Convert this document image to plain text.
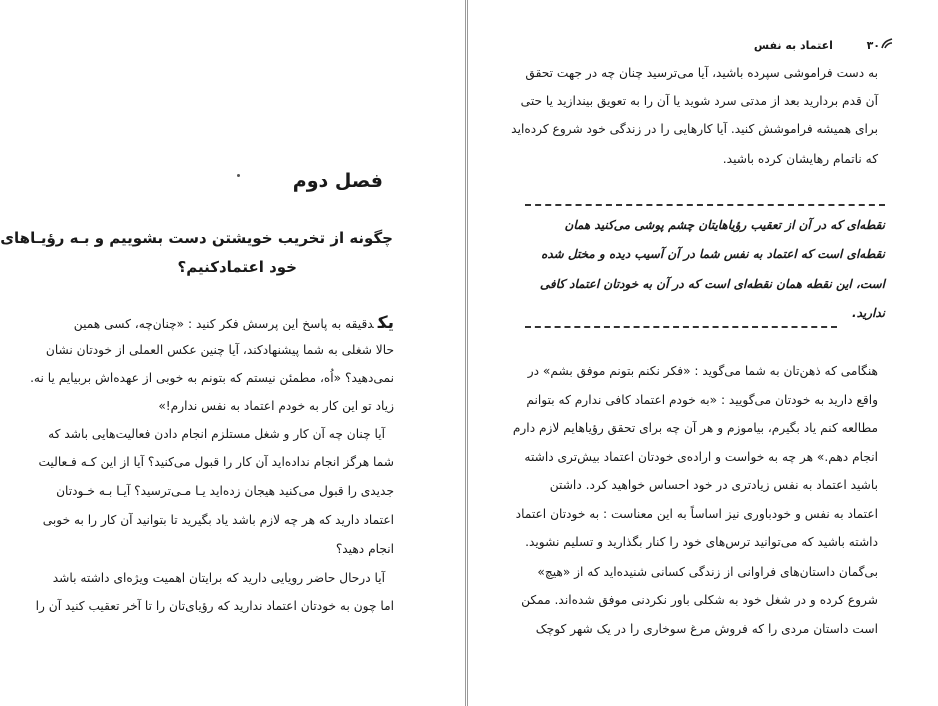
فصل دوم
چگونه از تخریب خویشتن دست بشوییم و بـه رؤیـاهای
خود اعتمادکنیم؟
یکدقیقه به پاسخ این پرسش فکر کنید : «چنان‌چه، کسی همین
حالا شغلی به شما پیشنهادکند، آیا چنین عکس العملی از خودتان نشان
نمی‌دهید؟ «اُه، مطمئن نیستم که بتونم به خوبی از عهده‌اش بربیایم یا نه.
زیاد تو این کار به خودم اعتماد به نفس ندارم!»
آیا چنان چه آن کار و شغل مستلزم انجام دادن فعالیت‌هایی باشد که
شما هرگز انجام نداده‌اید آن کار را قبول می‌کنید؟ آیا از این کـه فـعالیت
جدیدی را قبول می‌کنید هیجان زده‌اید یـا مـی‌ترسید؟ آیـا بـه خـودتان
اعتماد دارید که هر چه لازم باشد یاد بگیرید تا بتوانید آن کار را به خوبی
انجام دهید؟
آیا درحال حاضر رویایی دارید که برایتان اهمیت ویژه‌ای داشته باشد
اما چون به خودتان اعتماد ندارید که رؤیای‌تان را تا آخر تعقیب کنید آن را
۳۰  اعتماد به نفس
به دست فراموشی سپرده باشید، آیا می‌ترسید چنان چه در جهت تحقق
آن قدم بردارید بعد از مدتی سرد شوید یا آن را به تعویق بیندازید یا حتی
برای همیشه فراموشش کنید. آیا کارهایی را در زندگی خود شروع کرده‌اید
که ناتمام رهایشان کرده باشید.
نقطه‌ای که در آن از تعقیب رؤیاهایتان چشم پوشی می‌کنید همان
نقطه‌ای است که اعتماد به نفس شما در آن آسیب دیده و مختل شده
است، این نقطه همان نقطه‌ای است که در آن به خودتان اعتماد کافی
ندارید.
هنگامی که ذهن‌تان به شما می‌گوید : «فکر نکنم بتونم موفق بشم» در
واقع دارید به خودتان می‌گویید : «به خودم اعتماد کافی ندارم که بتوانم
مطالعه کنم یاد بگیرم، بیاموزم و هر آن چه برای تحقق رؤیاهایم لازم دارم
انجام دهم.» هر چه به خواست و اراده‌ی خودتان اعتماد بیش‌تری داشته
باشید اعتماد به نفس زیادتری در خود احساس خواهید کرد. داشتن
اعتماد به نفس و خودباوری نیز اساساً به این معناست : به خودتان اعتماد
داشته باشید که می‌توانید ترس‌های خود را کنار بگذارید و تسلیم نشوید.
بی‌گمان داستان‌های فراوانی از زندگی کسانی شنیده‌اید که از «هیچ»
شروع کرده و در شغل خود به شکلی باور نکردنی موفق شده‌اند. ممکن
است داستان مردی را که فروش مرغ سوخاری را در یک شهر کوچک
